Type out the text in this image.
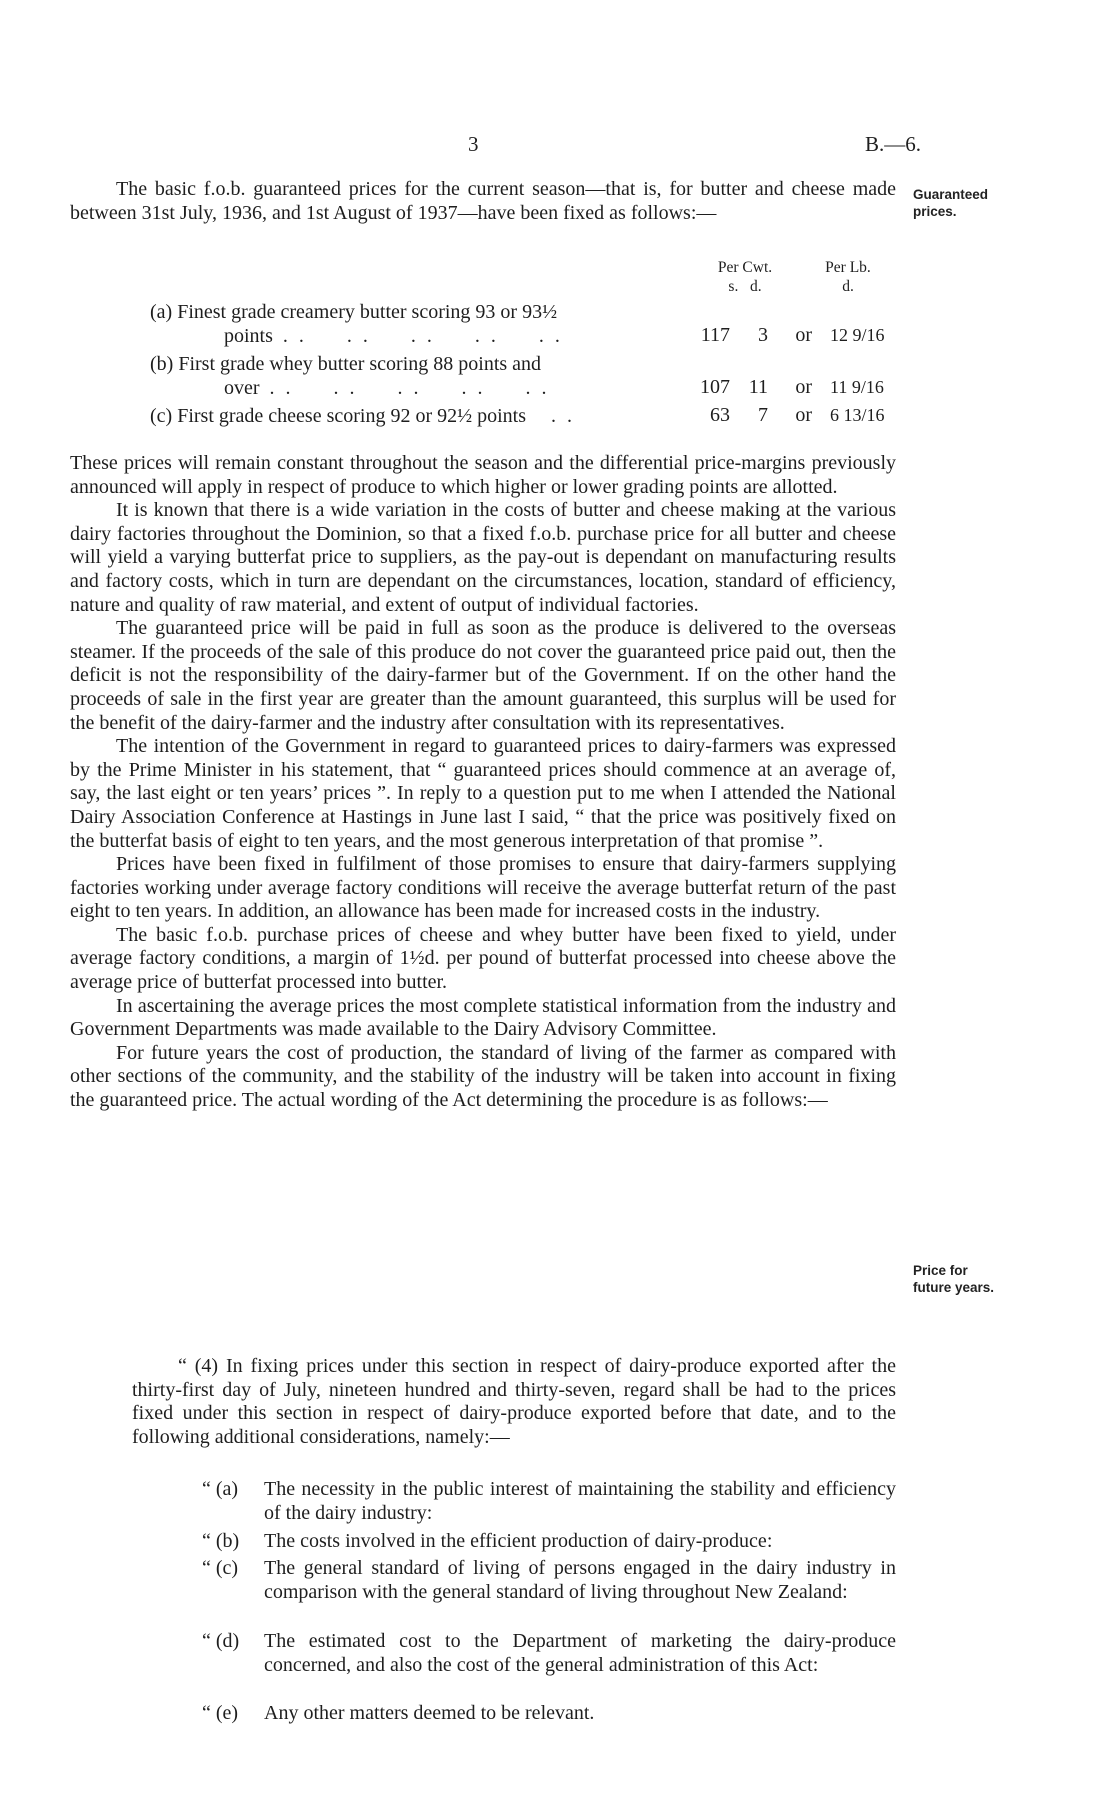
3	B.—6.
Guaranteed
prices.
Price for
future years.

The basic f.o.b. guaranteed prices for the current season—that is, for butter and cheese made between 31st July, 1936, and 1st August of 1937—have been fixed as follows:—

Per Cwt.
s.   d.
Per Lb.
d.
(a) Finest grade creamery butter scoring 93 or 93½
points . .     . .     . .     . .     . .	117	3	or 12 9/16
(b) First grade whey butter scoring 88 points and
over . .     . .     . .     . .     . .	107 11	or 11 9/16
(c) First grade cheese scoring 92 or 92½ points . .	63	7	or 6 13/16

These prices will remain constant throughout the season and the differential price-margins previously announced will apply in respect of produce to which higher or lower grading points are allotted.

It is known that there is a wide variation in the costs of butter and cheese making at the various dairy factories throughout the Dominion, so that a fixed f.o.b. purchase price for all butter and cheese will yield a varying butterfat price to suppliers, as the pay-out is dependant on manufacturing results and factory costs, which in turn are dependant on the circumstances, location, standard of efficiency, nature and quality of raw material, and extent of output of individual factories.

The guaranteed price will be paid in full as soon as the produce is delivered to the overseas steamer. If the proceeds of the sale of this produce do not cover the guaranteed price paid out, then the deficit is not the responsibility of the dairy-farmer but of the Government. If on the other hand the proceeds of sale in the first year are greater than the amount guaranteed, this surplus will be used for the benefit of the dairy-farmer and the industry after consultation with its representatives.

The intention of the Government in regard to guaranteed prices to dairy-farmers was expressed by the Prime Minister in his statement, that “ guaranteed prices should commence at an average of, say, the last eight or ten years’ prices ”. In reply to a question put to me when I attended the National Dairy Association Conference at Hastings in June last I said, “ that the price was positively fixed on the butterfat basis of eight to ten years, and the most generous interpretation of that promise ”.

Prices have been fixed in fulfilment of those promises to ensure that dairy-farmers supplying factories working under average factory conditions will receive the average butterfat return of the past eight to ten years. In addition, an allowance has been made for increased costs in the industry.

The basic f.o.b. purchase prices of cheese and whey butter have been fixed to yield, under average factory conditions, a margin of 1½d. per pound of butterfat processed into cheese above the average price of butterfat processed into butter.

In ascertaining the average prices the most complete statistical information from the industry and Government Departments was made available to the Dairy Advisory Committee.

For future years the cost of production, the standard of living of the farmer as compared with other sections of the community, and the stability of the industry will be taken into account in fixing the guaranteed price. The actual wording of the Act determining the procedure is as follows:—

“ (4) In fixing prices under this section in respect of dairy-produce exported after the thirty-first day of July, nineteen hundred and thirty-seven, regard shall be had to the prices fixed under this section in respect of dairy-produce exported before that date, and to the following additional considerations, namely:—

“ (a)	The necessity in the public interest of maintaining the stability and efficiency of the dairy industry:
“ (b)	The costs involved in the efficient production of dairy-produce:
“ (c)	The general standard of living of persons engaged in the dairy industry in comparison with the general standard of living throughout New Zealand:
“ (d)	The estimated cost to the Department of marketing the dairy-produce concerned, and also the cost of the general administration of this Act:
“ (e)	Any other matters deemed to be relevant.
